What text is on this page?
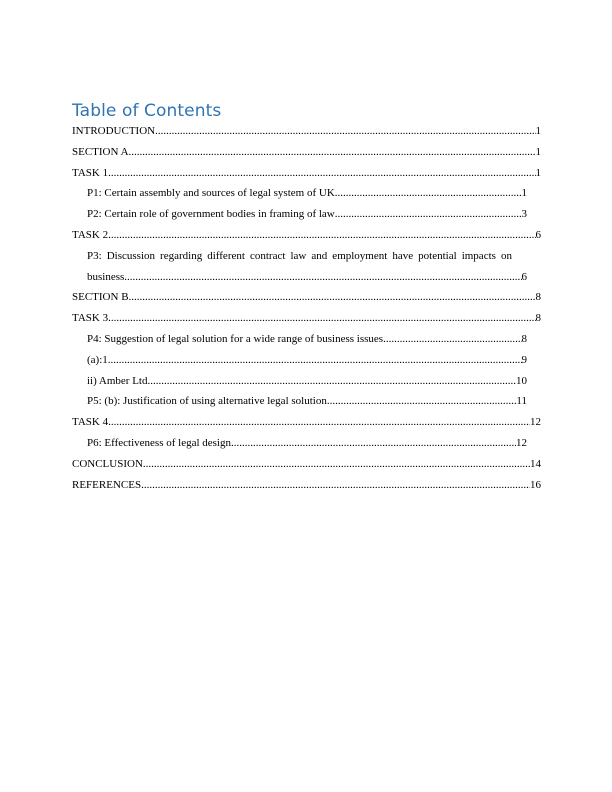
Table of Contents
INTRODUCTION .....	1
SECTION A .....	1
TASK 1 .....	1
P1: Certain assembly and sources of legal system of UK .....	1
P2: Certain role of government bodies in framing of law .....	3
TASK 2 .....	6
P3: Discussion regarding different contract law and employment have potential impacts on
business .....	6
SECTION B .....	8
TASK 3 .....	8
P4: Suggestion of legal solution for a wide range of business issues .....	8
(a):1 .....	9
ii) Amber Ltd .....	10
P5: (b): Justification of using alternative legal solution .....	11
TASK 4 .....	12
P6: Effectiveness of legal design .....	12
CONCLUSION .....	14
REFERENCES .....	16
